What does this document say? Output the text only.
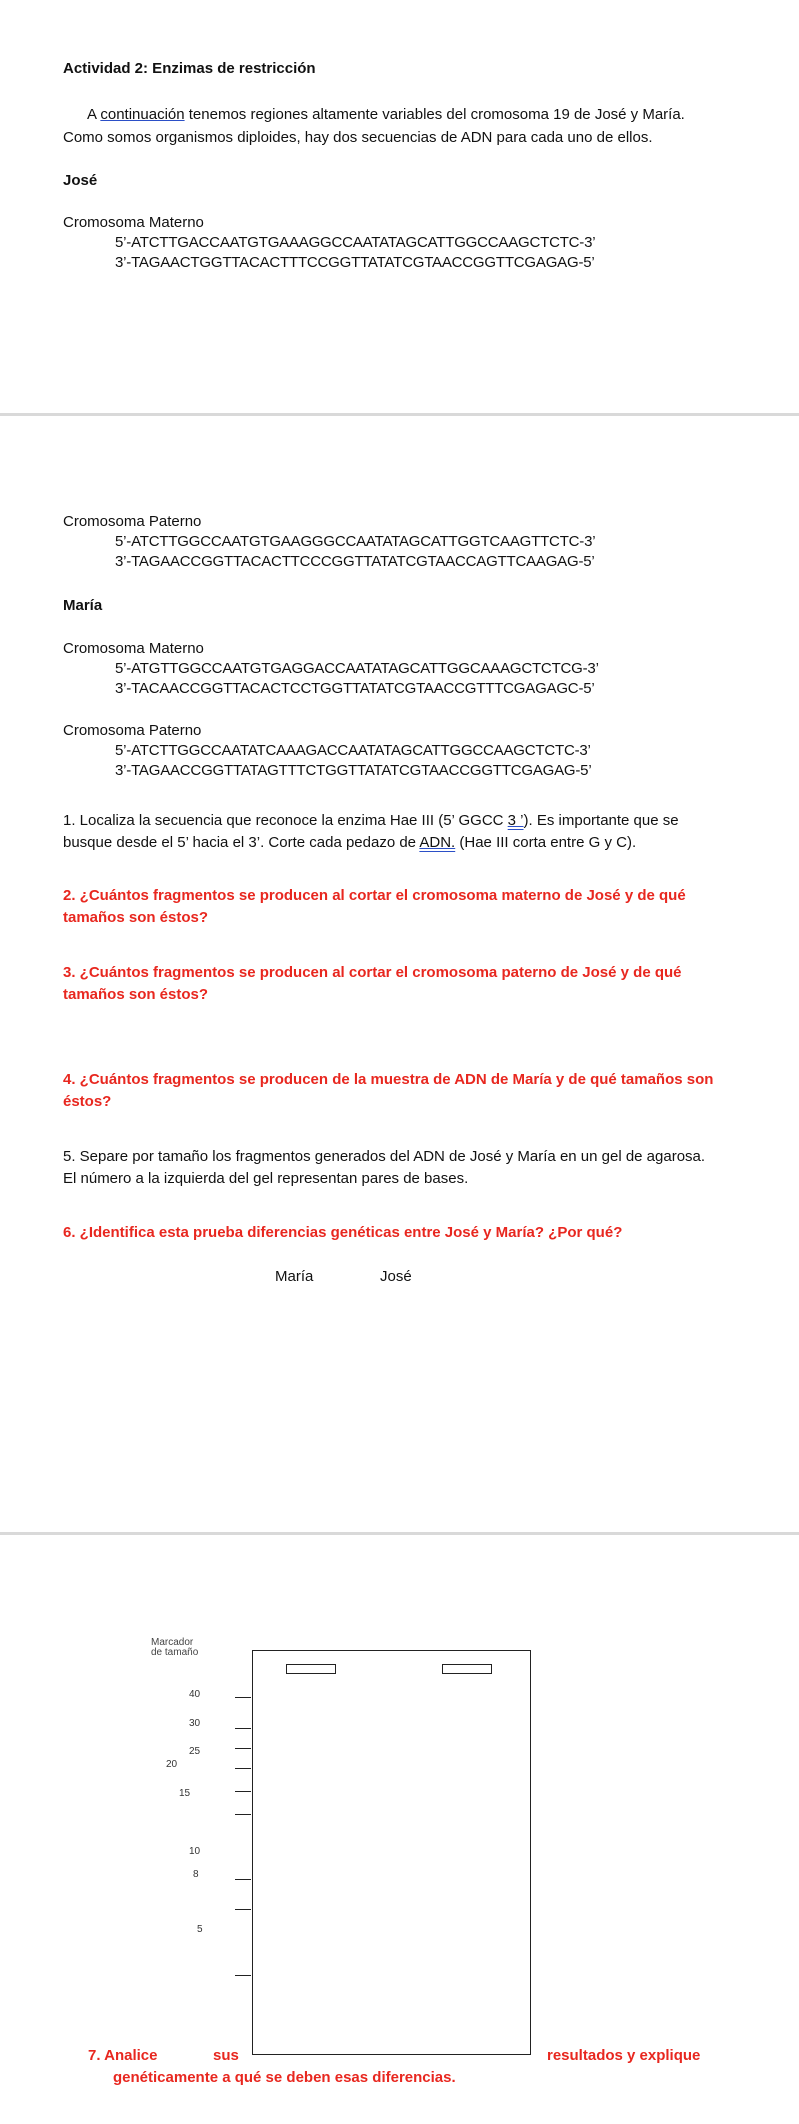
Actividad 2: Enzimas de restricción
A continuación tenemos regiones altamente variables del cromosoma 19 de José y María.
Como somos organismos diploides, hay dos secuencias de ADN para cada uno de ellos.
José
Cromosoma Materno
5’-ATCTTGACCAATGTGAAAGGCCAATATAGCATTGGCCAAGCTCTC-3’
3’-TAGAACTGGTTACACTTTCCGGTTATATCGTAACCGGTTCGAGAG-5’
Cromosoma Paterno
5’-ATCTTGGCCAATGTGAAGGGCCAATATAGCATTGGTCAAGTTCTC-3’
3’-TAGAACCGGTTACACTTCCCGGTTATATCGTAACCAGTTCAAGAG-5’
María
Cromosoma Materno
5’-ATGTTGGCCAATGTGAGGACCAATATAGCATTGGCAAAGCTCTCG-3’
3’-TACAACCGGTTACACTCCTGGTTATATCGTAACCGTTTCGAGAGC-5’
Cromosoma Paterno
5’-ATCTTGGCCAATATCAAAGACCAATATAGCATTGGCCAAGCTCTC-3’
3’-TAGAACCGGTTATAGTTTCTGGTTATATCGTAACCGGTTCGAGAG-5’
1. Localiza la secuencia que reconoce la enzima Hae III (5’ GGCC 3 ’). Es importante que se
busque desde el 5’ hacia el 3’. Corte cada pedazo de ADN. (Hae III corta entre G y C).
2. ¿Cuántos fragmentos se producen al cortar el cromosoma materno de José y de qué
tamaños son éstos?
3. ¿Cuántos fragmentos se producen al cortar el cromosoma paterno de José y de qué
tamaños son éstos?
4. ¿Cuántos fragmentos se producen de la muestra de ADN de María y de qué tamaños son
éstos?
5. Separe por tamaño los fragmentos generados del ADN de José y María en un gel de agarosa.
El número a la izquierda del gel representan pares de bases.
6. ¿Identifica esta prueba diferencias genéticas entre José y María? ¿Por qué?
María	José
Marcador
de tamaño
40
30
25
20
15
10
8
5
7. Analice	sus	resultados y explique
genéticamente a qué se deben esas diferencias.
